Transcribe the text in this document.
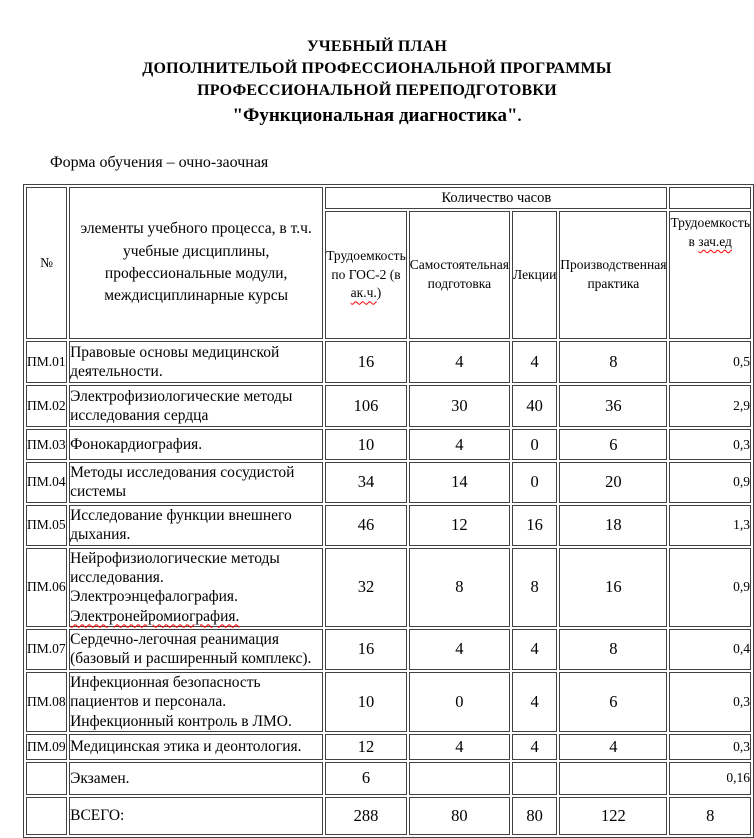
УЧЕБНЫЙ ПЛАН
ДОПОЛНИТЕЛЬОЙ ПРОФЕССИОНАЛЬНОЙ ПРОГРАММЫ
ПРОФЕССИОНАЛЬНОЙ ПЕРЕПОДГОТОВКИ
"Функциональная диагностика".
Форма обучения – очно-заочная
№	элементы учебного процесса, в т.ч. учебные дисциплины, профессиональные модули, междисциплинарные курсы	Количество часов				
		Трудоемкость по ГОС-2 (в ак.ч.)	Самостоятельная подготовка	Лекции	Производственная практика	Трудоемкость в зач.ед
ПМ.01	Правовые основы медицинской деятельности.	16	4	4	8	0,5
ПМ.02	Электрофизиологические методы исследования сердца	106	30	40	36	2,9
ПМ.03	Фонокардиография.	10	4	0	6	0,3
ПМ.04	Методы исследования сосудистой системы	34	14	0	20	0,9
ПМ.05	Исследование функции внешнего дыхания.	46	12	16	18	1,3
ПМ.06	Нейрофизиологические методы исследования. Электроэнцефалография. Электронейромиография.	32	8	8	16	0,9
ПМ.07	Сердечно-легочная реанимация (базовый и расширенный комплекс).	16	4	4	8	0,4
ПМ.08	Инфекционная безопасность пациентов и персонала. Инфекционный контроль в ЛМО.	10	0	4	6	0,3
ПМ.09	Медицинская этика и деонтология.	12	4	4	4	0,3
	Экзамен.	6				0,16
	ВСЕГО:	288	80	80	122	8
